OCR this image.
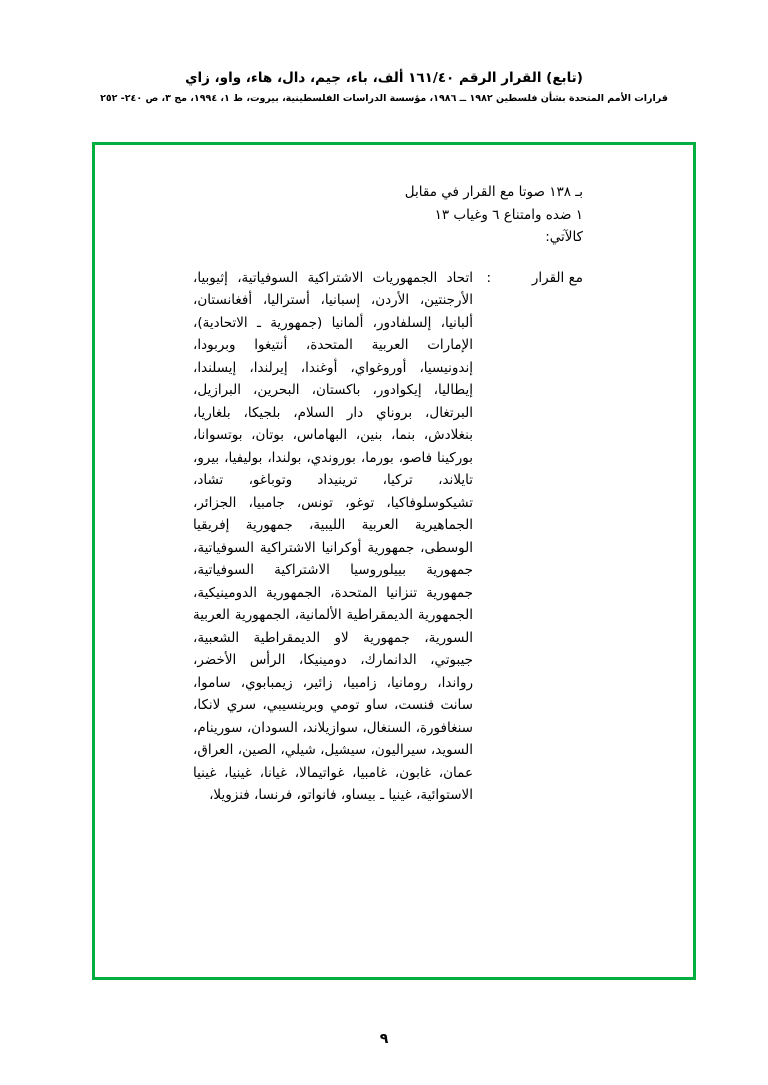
(تابع) القرار الرقم ١٦١/٤٠ ألف، باء، جيم، دال، هاء، واو، زاي
قرارات الأمم المتحدة بشأن فلسطين ١٩٨٢ ــ ١٩٨٦، مؤسسة الدراسات الفلسطينية، بيروت، ط ١، ١٩٩٤، مج ٣، ص ٢٤٠- ٢٥٢
بـ ١٣٨ صوتا مع القرار في مقابل
١ ضده وامتناع ٦ وغياب ١٣
كالآتي:
مع القرار
:
اتحاد الجمهوريات الاشتراكية السوفياتية، إثيوبيا، الأرجنتين، الأردن، إسبانيا، أستراليا، أفغانستان، ألبانيا، إلسلفادور، ألمانيا (جمهورية ـ الاتحادية)، الإمارات العربية المتحدة، أنتيغوا وبربودا، إندونيسيا، أوروغواي، أوغندا، إيرلندا، إيسلندا، إيطاليا، إيكوادور، باكستان، البحرين، البرازيل، البرتغال، بروناي دار السلام، بلجيكا، بلغاريا، بنغلادش، بنما، بنين، البهاماس، بوتان، بوتسوانا، بوركينا فاصو، بورما، بوروندي، بولندا، بوليفيا، بيرو، تايلاند، تركيا، ترينيداد وتوباغو، تشاد، تشيكوسلوفاكيا، توغو، تونس، جامبيا، الجزائر، الجماهيرية العربية الليبية، جمهورية إفريقيا الوسطى، جمهورية أوكرانيا الاشتراكية السوفياتية، جمهورية بييلوروسيا الاشتراكية السوفياتية، جمهورية تنزانيا المتحدة، الجمهورية الدومينيكية، الجمهورية الديمقراطية الألمانية، الجمهورية العربية السورية، جمهورية لاو الديمقراطية الشعبية، جيبوتي، الدانمارك، دومينيكا، الرأس الأخضر، رواندا، رومانيا، زامبيا، زائير، زيمبابوي، ساموا، سانت فنست، ساو تومي وبرينسيبي، سري لانكا، سنغافورة، السنغال، سوازيلاند، السودان، سورينام، السويد، سيراليون، سيشيل، شيلي، الصين، العراق، عمان، غابون، غامبيا، غواتيمالا، غيانا، غينيا، غينيا الاستوائية، غينيا ـ بيساو، فانواتو، فرنسا، فنزويلا،
٩
